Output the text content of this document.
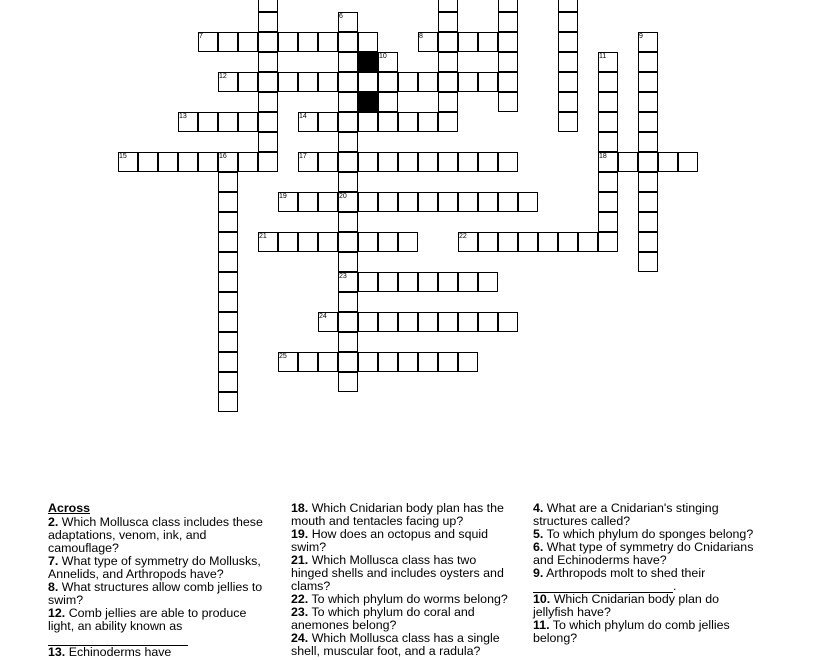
6
7	8	9
10	11
12
13	14
15	16	17	18
19	20
21	22
23
24
25
Across
2. Which Mollusca class includes these adaptations, venom, ink, and camouflage?
7. What type of symmetry do Mollusks, Annelids, and Arthropods have?
8. What structures allow comb jellies to swim?
12. Comb jellies are able to produce light, an ability known as

13. Echinoderms have
18. Which Cnidarian body plan has the mouth and tentacles facing up?
19. How does an octopus and squid swim?
21. Which Mollusca class has two hinged shells and includes oysters and clams?
22. To which phylum do worms belong?
23. To which phylum do coral and anemones belong?
24. Which Mollusca class has a single shell, muscular foot, and a radula?
4. What are a Cnidarian's stinging structures called?
5. To which phylum do sponges belong?
6. What type of symmetry do Cnidarians and Echinoderms have?
9. Arthropods molt to shed their
.
10. Which Cnidarian body plan do jellyfish have?
11. To which phylum do comb jellies belong?
